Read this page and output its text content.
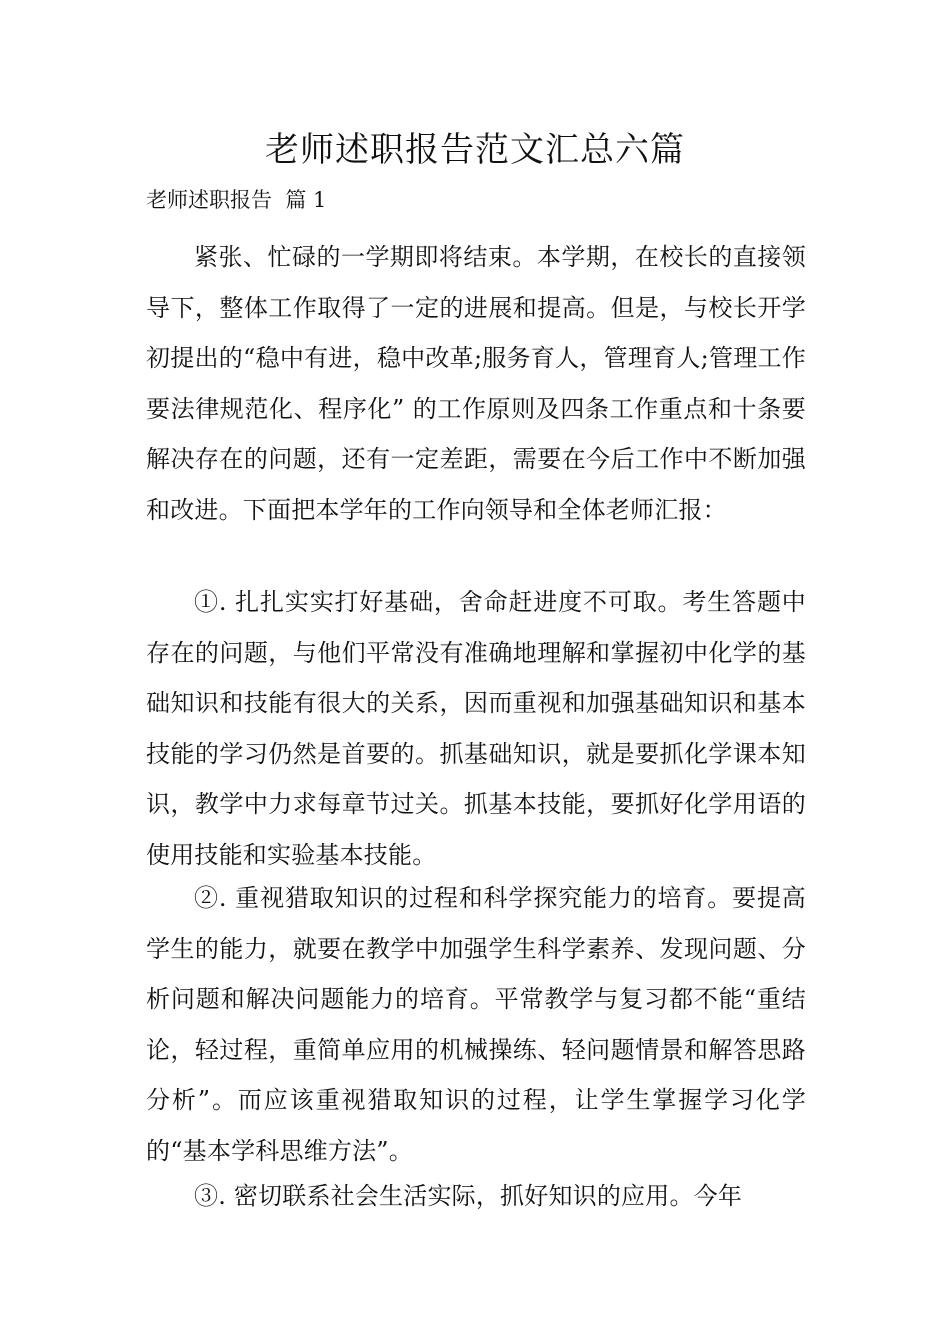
老师述职报告范文汇总六篇
老师述职报告  篇 1

紧张、忙碌的一学期即将结束。本学期，在校长的直接领导下，整体工作取得了一定的进展和提高。但是，与校长开学初提出的“稳中有进，稳中改革;服务育人，管理育人;管理工作要法律规范化、程序化” 的工作原则及四条工作重点和十条要解决存在的问题，还有一定差距，需要在今后工作中不断加强和改进。下面把本学年的工作向领导和全体老师汇报：

①. 扎扎实实打好基础，舍命赶进度不可取。考生答题中存在的问题，与他们平常没有准确地理解和掌握初中化学的基础知识和技能有很大的关系，因而重视和加强基础知识和基本技能的学习仍然是首要的。抓基础知识，就是要抓化学课本知识，教学中力求每章节过关。抓基本技能，要抓好化学用语的使用技能和实验基本技能。

②. 重视猎取知识的过程和科学探究能力的培育。要提高学生的能力，就要在教学中加强学生科学素养、发现问题、分析问题和解决问题能力的培育。平常教学与复习都不能“重结论，轻过程，重简单应用的机械操练、轻问题情景和解答思路分析”。而应该重视猎取知识的过程，让学生掌握学习化学的“基本学科思维方法”。

③. 密切联系社会生活实际，抓好知识的应用。今年
